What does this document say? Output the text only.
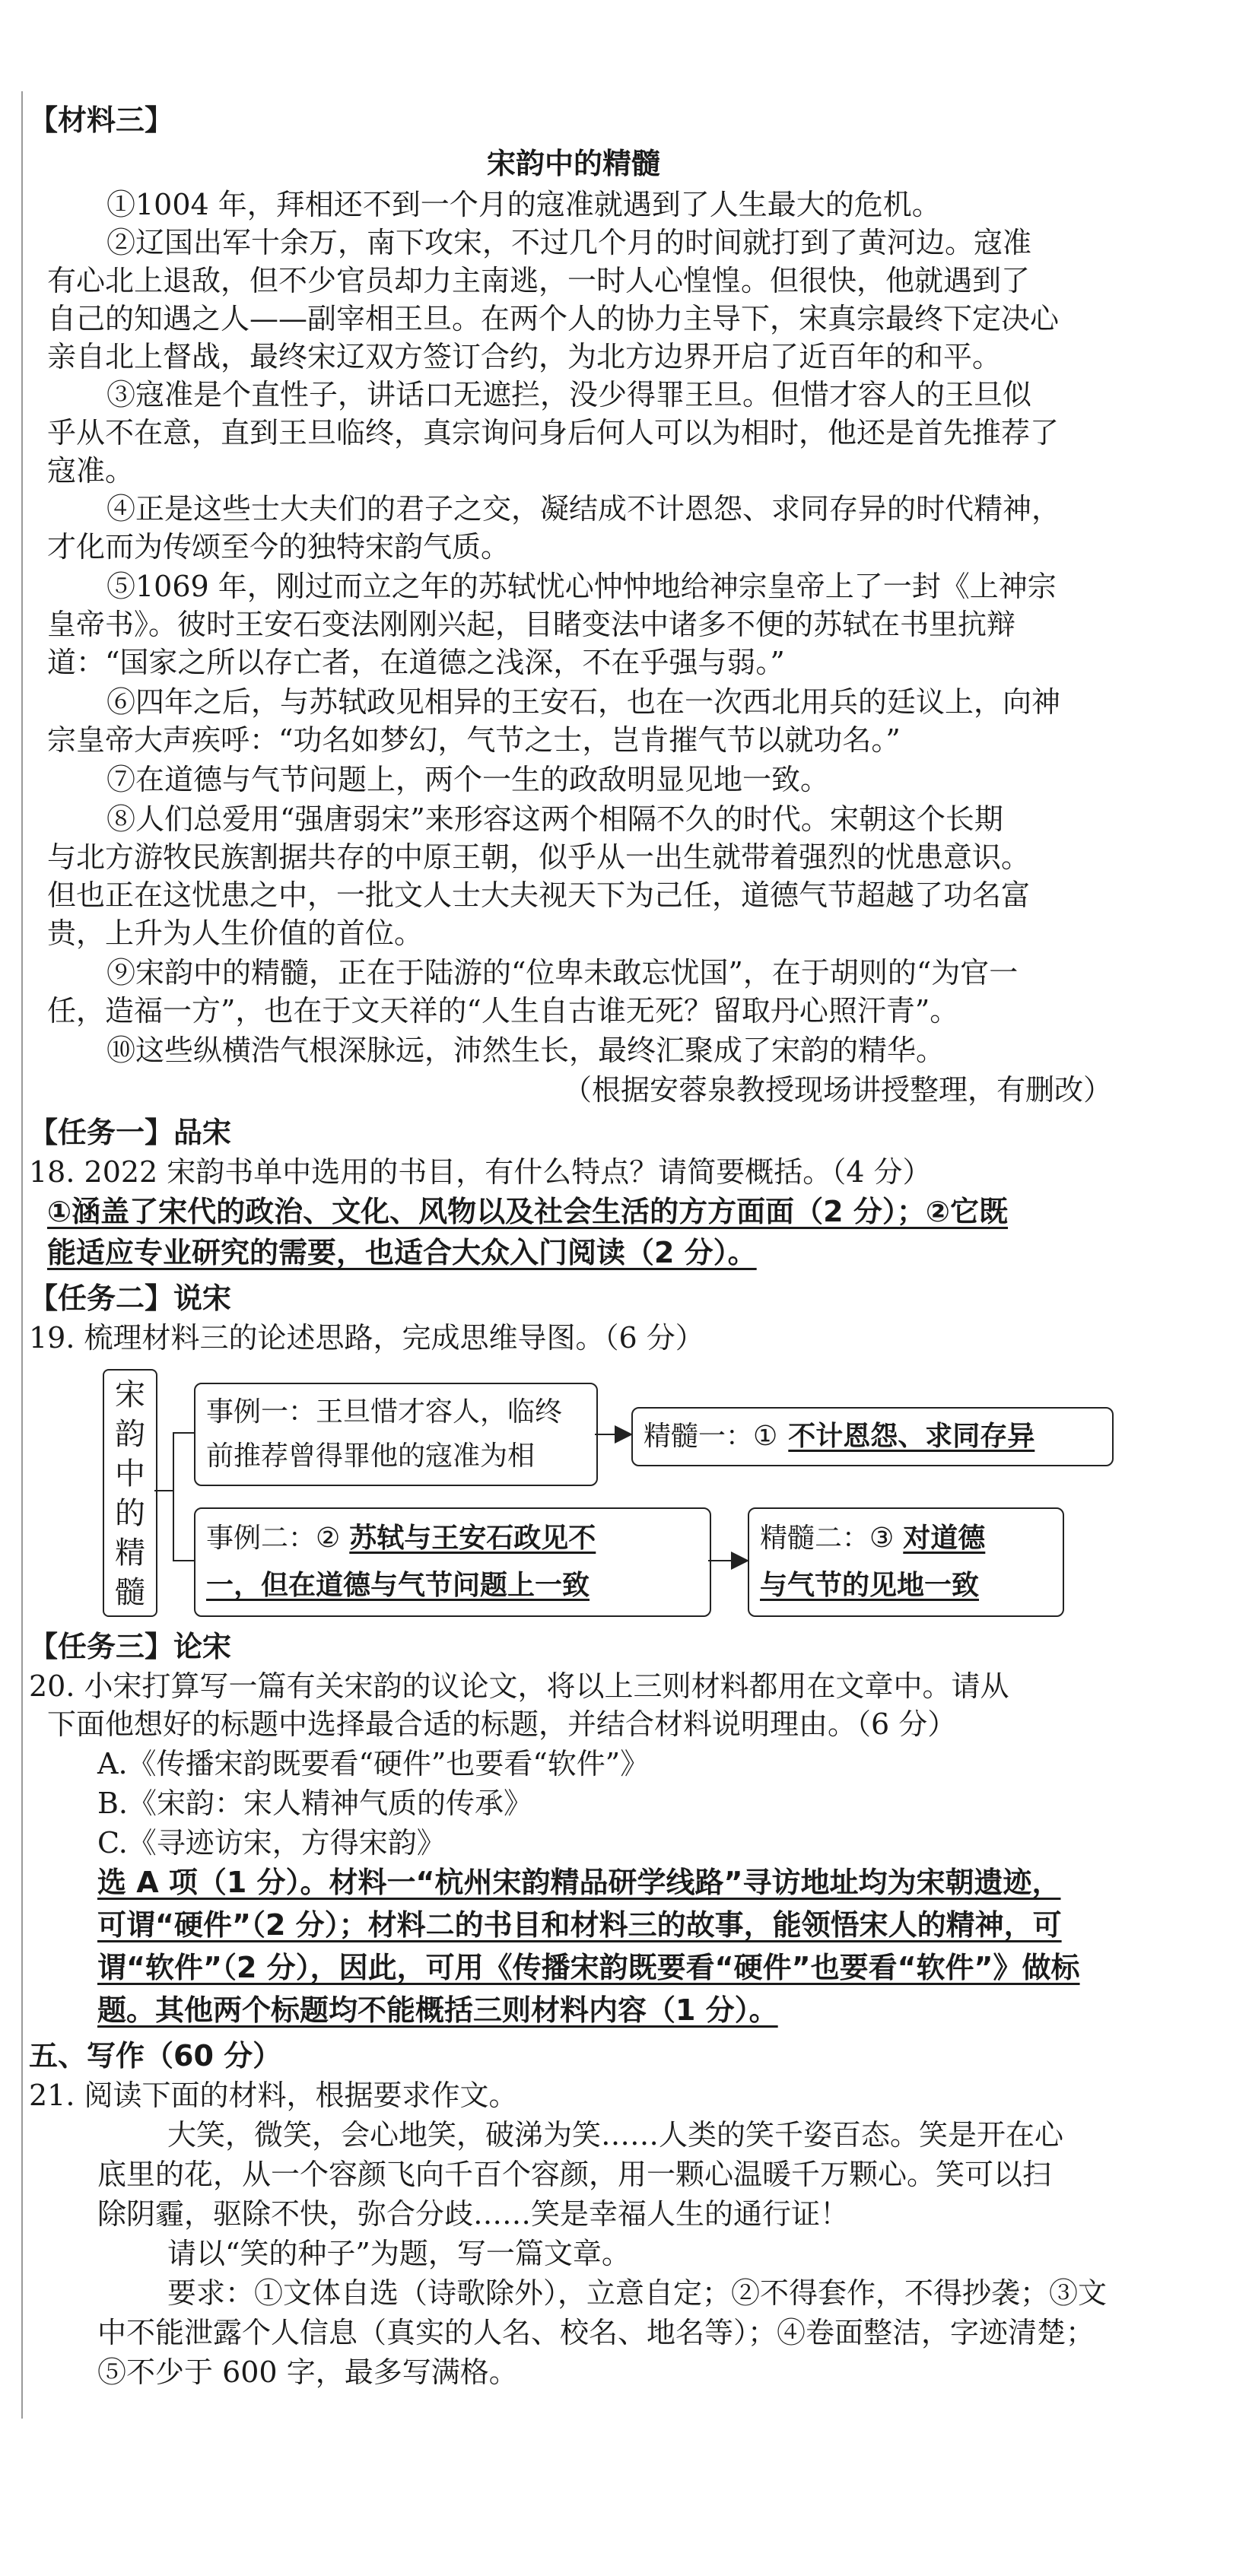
【材料三】
宋韵中的精髓
①1004 年，拜相还不到一个月的寇准就遇到了人生最大的危机。
②辽国出军十余万，南下攻宋，不过几个月的时间就打到了黄河边。寇准
有心北上退敌，但不少官员却力主南逃，一时人心惶惶。但很快，他就遇到了
自己的知遇之人——副宰相王旦。在两个人的协力主导下，宋真宗最终下定决心
亲自北上督战，最终宋辽双方签订合约，为北方边界开启了近百年的和平。
③寇准是个直性子，讲话口无遮拦，没少得罪王旦。但惜才容人的王旦似
乎从不在意，直到王旦临终，真宗询问身后何人可以为相时，他还是首先推荐了
寇准。
④正是这些士大夫们的君子之交，凝结成不计恩怨、求同存异的时代精神，
才化而为传颂至今的独特宋韵气质。
⑤1069 年，刚过而立之年的苏轼忧心忡忡地给神宗皇帝上了一封《上神宗
皇帝书》。彼时王安石变法刚刚兴起，目睹变法中诸多不便的苏轼在书里抗辩
道：“国家之所以存亡者，在道德之浅深，不在乎强与弱。”
⑥四年之后，与苏轼政见相异的王安石，也在一次西北用兵的廷议上，向神
宗皇帝大声疾呼：“功名如梦幻，气节之士，岂肯摧气节以就功名。”
⑦在道德与气节问题上，两个一生的政敌明显见地一致。
⑧人们总爱用“强唐弱宋”来形容这两个相隔不久的时代。宋朝这个长期
与北方游牧民族割据共存的中原王朝，似乎从一出生就带着强烈的忧患意识。
但也正在这忧患之中，一批文人士大夫视天下为己任，道德气节超越了功名富
贵，上升为人生价值的首位。
⑨宋韵中的精髓，正在于陆游的“位卑未敢忘忧国”，在于胡则的“为官一
任，造福一方”，也在于文天祥的“人生自古谁无死？留取丹心照汗青”。
⑩这些纵横浩气根深脉远，沛然生长，最终汇聚成了宋韵的精华。
（根据安蓉泉教授现场讲授整理，有删改）
【任务一】品宋
18. 2022 宋韵书单中选用的书目，有什么特点？请简要概括。（4 分）
①涵盖了宋代的政治、文化、风物以及社会生活的方方面面（2 分）；②它既
能适应专业研究的需要，也适合大众入门阅读（2 分）。
【任务二】说宋
19. 梳理材料三的论述思路，完成思维导图。（6 分）
宋韵中的精髓
事例一：王旦惜才容人，临终
前推荐曾得罪他的寇准为相
精髓一：① 不计恩怨、求同存异
事例二：② 苏轼与王安石政见不
一，但在道德与气节问题上一致
精髓二：③ 对道德
与气节的见地一致
【任务三】论宋
20. 小宋打算写一篇有关宋韵的议论文，将以上三则材料都用在文章中。请从
下面他想好的标题中选择最合适的标题，并结合材料说明理由。（6 分）
A.《传播宋韵既要看“硬件”也要看“软件”》
B.《宋韵：宋人精神气质的传承》
C.《寻迹访宋，方得宋韵》
选 A 项（1 分）。材料一“杭州宋韵精品研学线路”寻访地址均为宋朝遗迹，
可谓“硬件”（2 分）；材料二的书目和材料三的故事，能领悟宋人的精神，可
谓“软件”（2 分），因此，可用《传播宋韵既要看“硬件”也要看“软件”》做标
题。其他两个标题均不能概括三则材料内容（1 分）。
五、写作（60 分）
21. 阅读下面的材料，根据要求作文。
大笑，微笑，会心地笑，破涕为笑……人类的笑千姿百态。笑是开在心
底里的花，从一个容颜飞向千百个容颜，用一颗心温暖千万颗心。笑可以扫
除阴霾，驱除不快，弥合分歧……笑是幸福人生的通行证！
请以“笑的种子”为题，写一篇文章。
要求：①文体自选（诗歌除外），立意自定；②不得套作，不得抄袭；③文
中不能泄露个人信息（真实的人名、校名、地名等）；④卷面整洁，字迹清楚；
⑤不少于 600 字，最多写满格。
